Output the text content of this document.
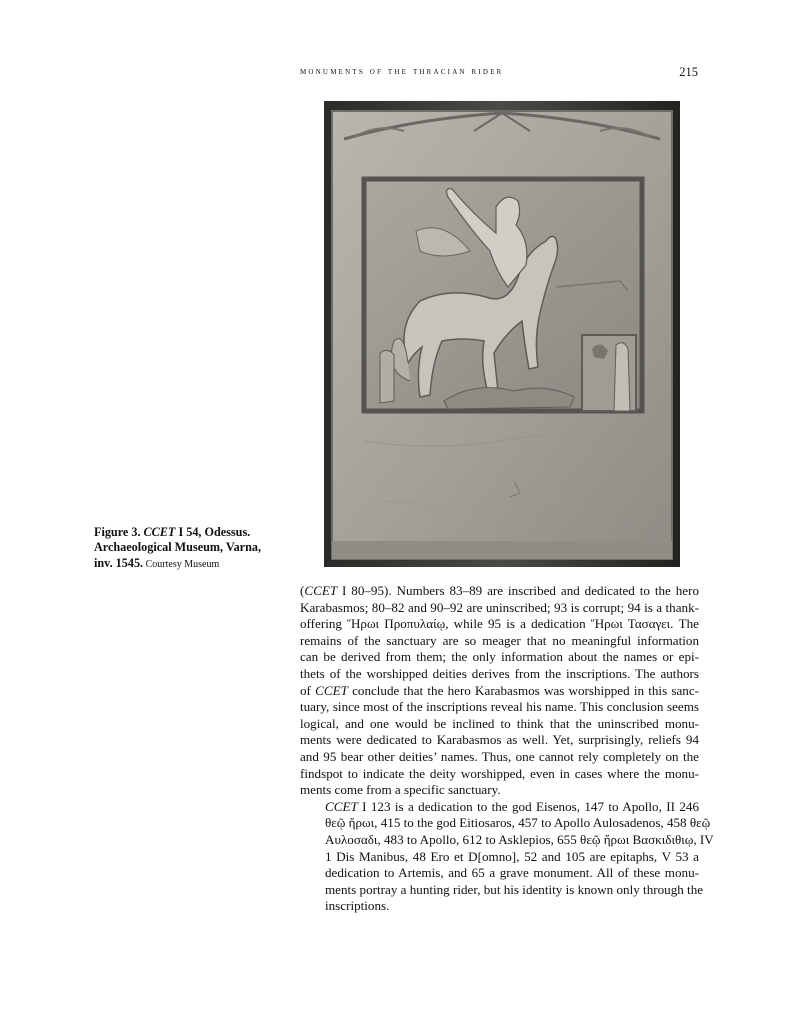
monuments of the thracian rider	215
Figure 3. CCET I 54, Odessus.
Archaeological Museum, Varna,
inv. 1545. Courtesy Museum

(CCET I 80–95). Numbers 83–89 are inscribed and dedicated to the hero
Karabasmos; 80–82 and 90–92 are uninscribed; 93 is corrupt; 94 is a thank-
offering Ἥρωι Προπυλαίῳ, while 95 is a dedication Ἥρωι Τασαγει. The
remains of the sanctuary are so meager that no meaningful information
can be derived from them; the only information about the names or epi-
thets of the worshipped deities derives from the inscriptions. The authors
of CCET conclude that the hero Karabasmos was worshipped in this sanc-
tuary, since most of the inscriptions reveal his name. This conclusion seems
logical, and one would be inclined to think that the uninscribed monu-
ments were dedicated to Karabasmos as well. Yet, surprisingly, reliefs 94
and 95 bear other deities’ names. Thus, one cannot rely completely on the
findspot to indicate the deity worshipped, even in cases where the monu-
ments come from a specific sanctuary.

CCET I 123 is a dedication to the god Eisenos, 147 to Apollo, II 246
θεῷ ἥρωι, 415 to the god Eitiosaros, 457 to Apollo Aulosadenos, 458 θεῷ
Αυλοσαδι, 483 to Apollo, 612 to Asklepios, 655 θεῷ ἥρωι Βασκιδιθιῳ, IV
1 Dis Manibus, 48 Ero et D[omno], 52 and 105 are epitaphs, V 53 a
dedication to Artemis, and 65 a grave monument. All of these monu-
ments portray a hunting rider, but his identity is known only through the
inscriptions.
